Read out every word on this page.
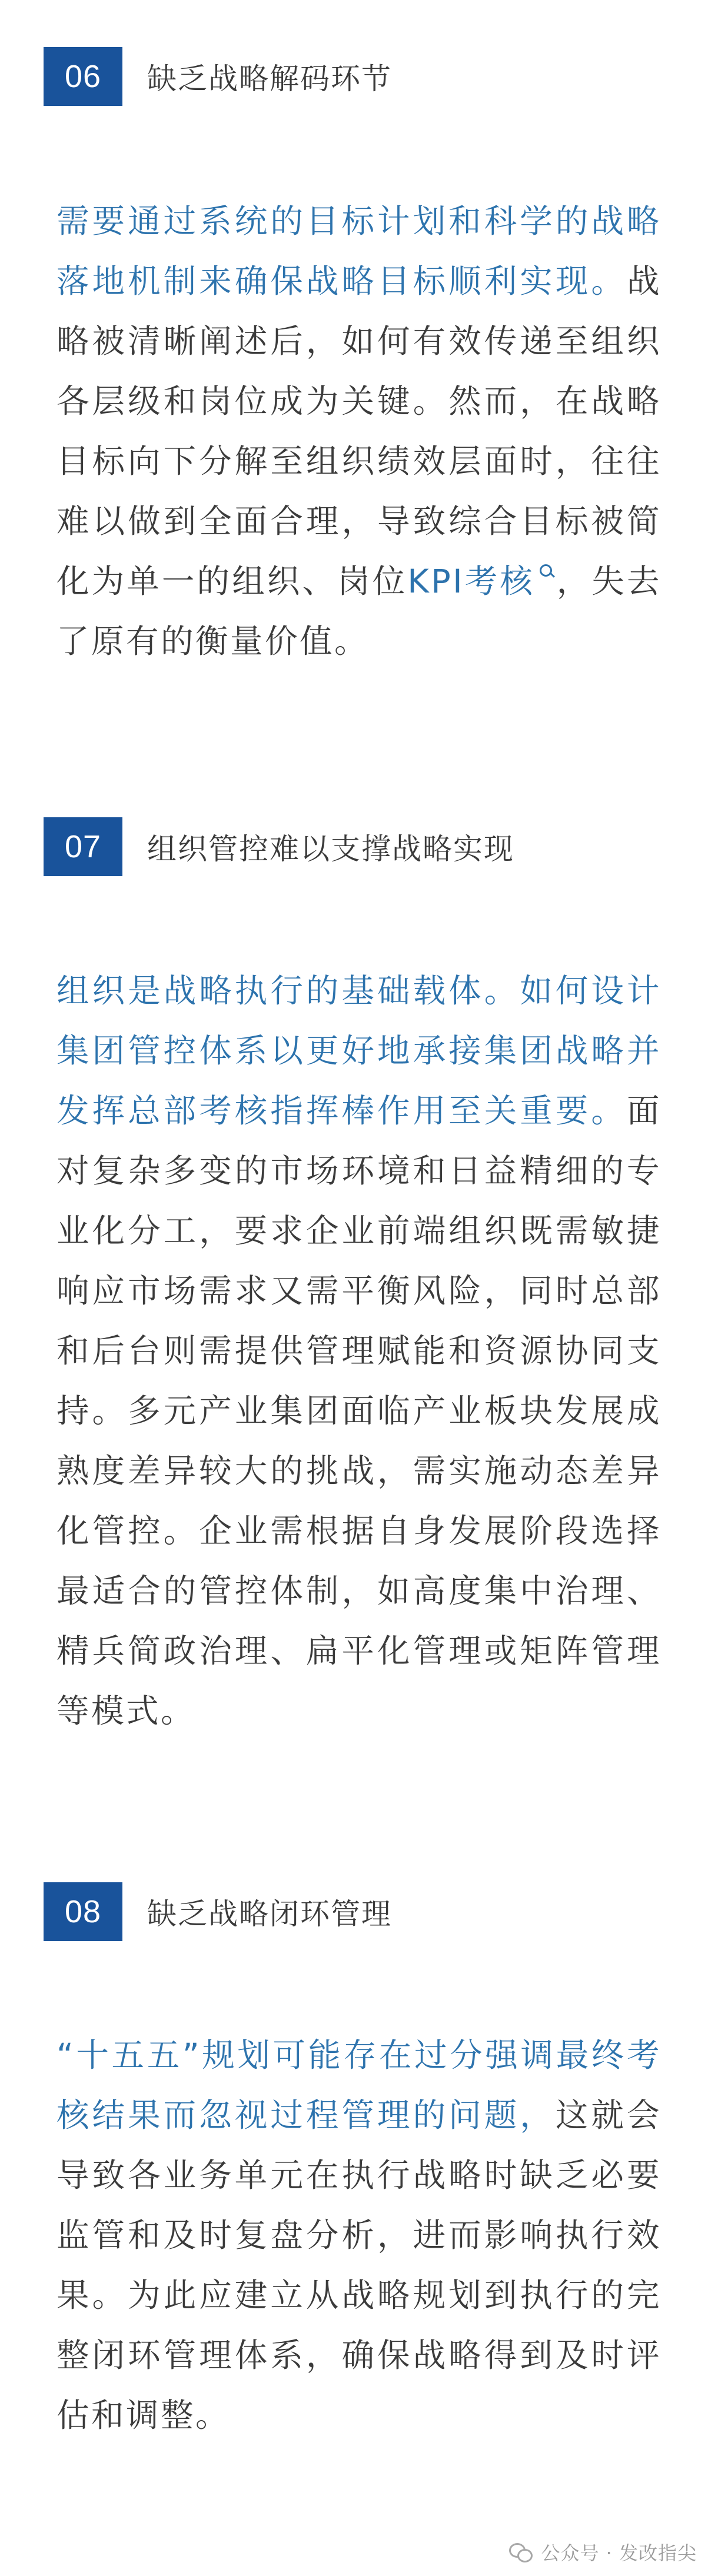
06	缺乏战略解码环节

需要通过系统的目标计划和科学的战略落地机制来确保战略目标顺利实现。战略被清晰阐述后，如何有效传递至组织各层级和岗位成为关键。然而，在战略目标向下分解至组织绩效层面时，往往难以做到全面合理，导致综合目标被简化为单一的组织、岗位KPI考核 ，失去了原有的衡量价值。

07	组织管控难以支撑战略实现

组织是战略执行的基础载体。如何设计集团管控体系以更好地承接集团战略并发挥总部考核指挥棒作用至关重要。面对复杂多变的市场环境和日益精细的专业化分工，要求企业前端组织既需敏捷响应市场需求又需平衡风险，同时总部和后台则需提供管理赋能和资源协同支持。多元产业集团面临产业板块发展成熟度差异较大的挑战，需实施动态差异化管控。企业需根据自身发展阶段选择最适合的管控体制，如高度集中治理、精兵简政治理、扁平化管理或矩阵管理等模式。

08	缺乏战略闭环管理

“十五五”规划可能存在过分强调最终考核结果而忽视过程管理的问题，这就会导致各业务单元在执行战略时缺乏必要监管和及时复盘分析，进而影响执行效果。为此应建立从战略规划到执行的完整闭环管理体系，确保战略得到及时评估和调整。

公众号 · 发改指尖
